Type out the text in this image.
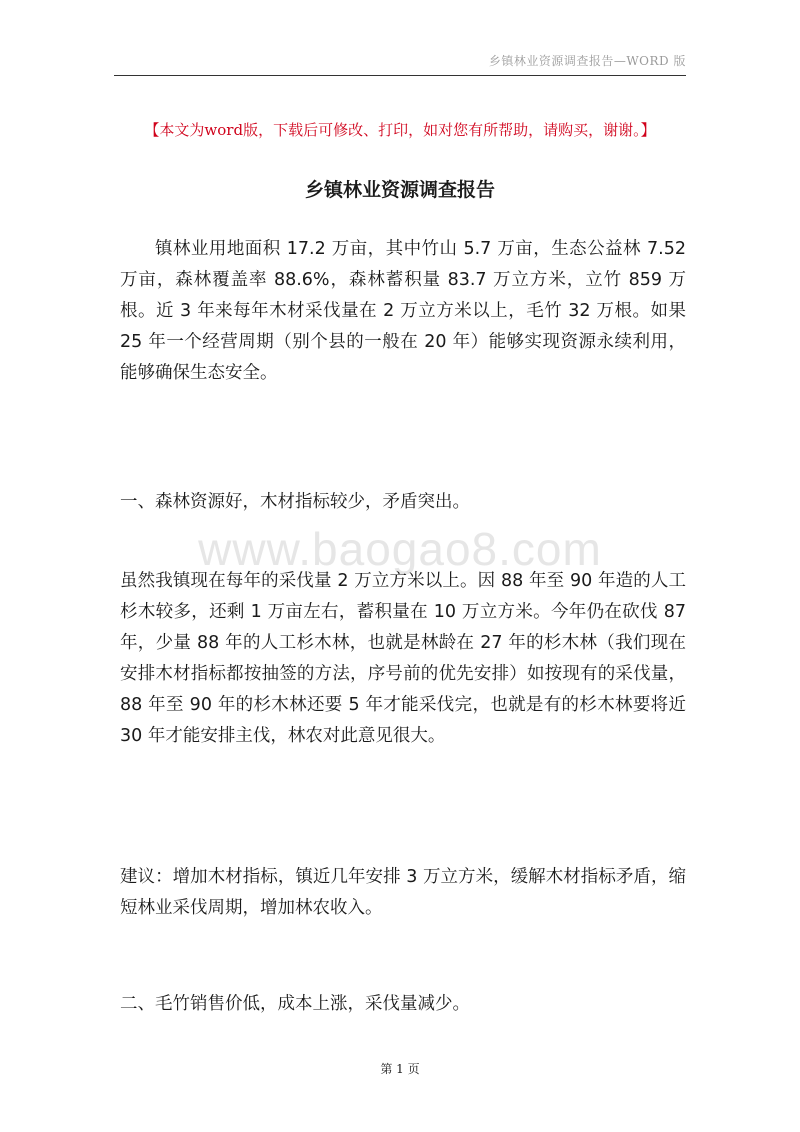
乡镇林业资源调查报告—WORD 版
【本文为word版，下载后可修改、打印，如对您有所帮助，请购买，谢谢。】
乡镇林业资源调查报告

镇林业用地面积 17.2 万亩，其中竹山 5.7 万亩，生态公益林 7.52 万亩，森林覆盖率 88.6%，森林蓄积量 83.7 万立方米，立竹 859 万根。近 3 年来每年木材采伐量在 2 万立方米以上，毛竹 32 万根。如果 25 年一个经营周期（别个县的一般在 20 年）能够实现资源永续利用，能够确保生态安全。

一、森林资源好，木材指标较少，矛盾突出。

www.baogao8.com

虽然我镇现在每年的采伐量 2 万立方米以上。因 88 年至 90 年造的人工杉木较多，还剩 1 万亩左右，蓄积量在 10 万立方米。今年仍在砍伐 87 年，少量 88 年的人工杉木林，也就是林龄在 27 年的杉木林（我们现在安排木材指标都按抽签的方法，序号前的优先安排）如按现有的采伐量，88 年至 90 年的杉木林还要 5 年才能采伐完，也就是有的杉木林要将近 30 年才能安排主伐，林农对此意见很大。

建议：增加木材指标，镇近几年安排 3 万立方米，缓解木材指标矛盾，缩短林业采伐周期，增加林农收入。

二、毛竹销售价低，成本上涨，采伐量减少。

第 1 页
